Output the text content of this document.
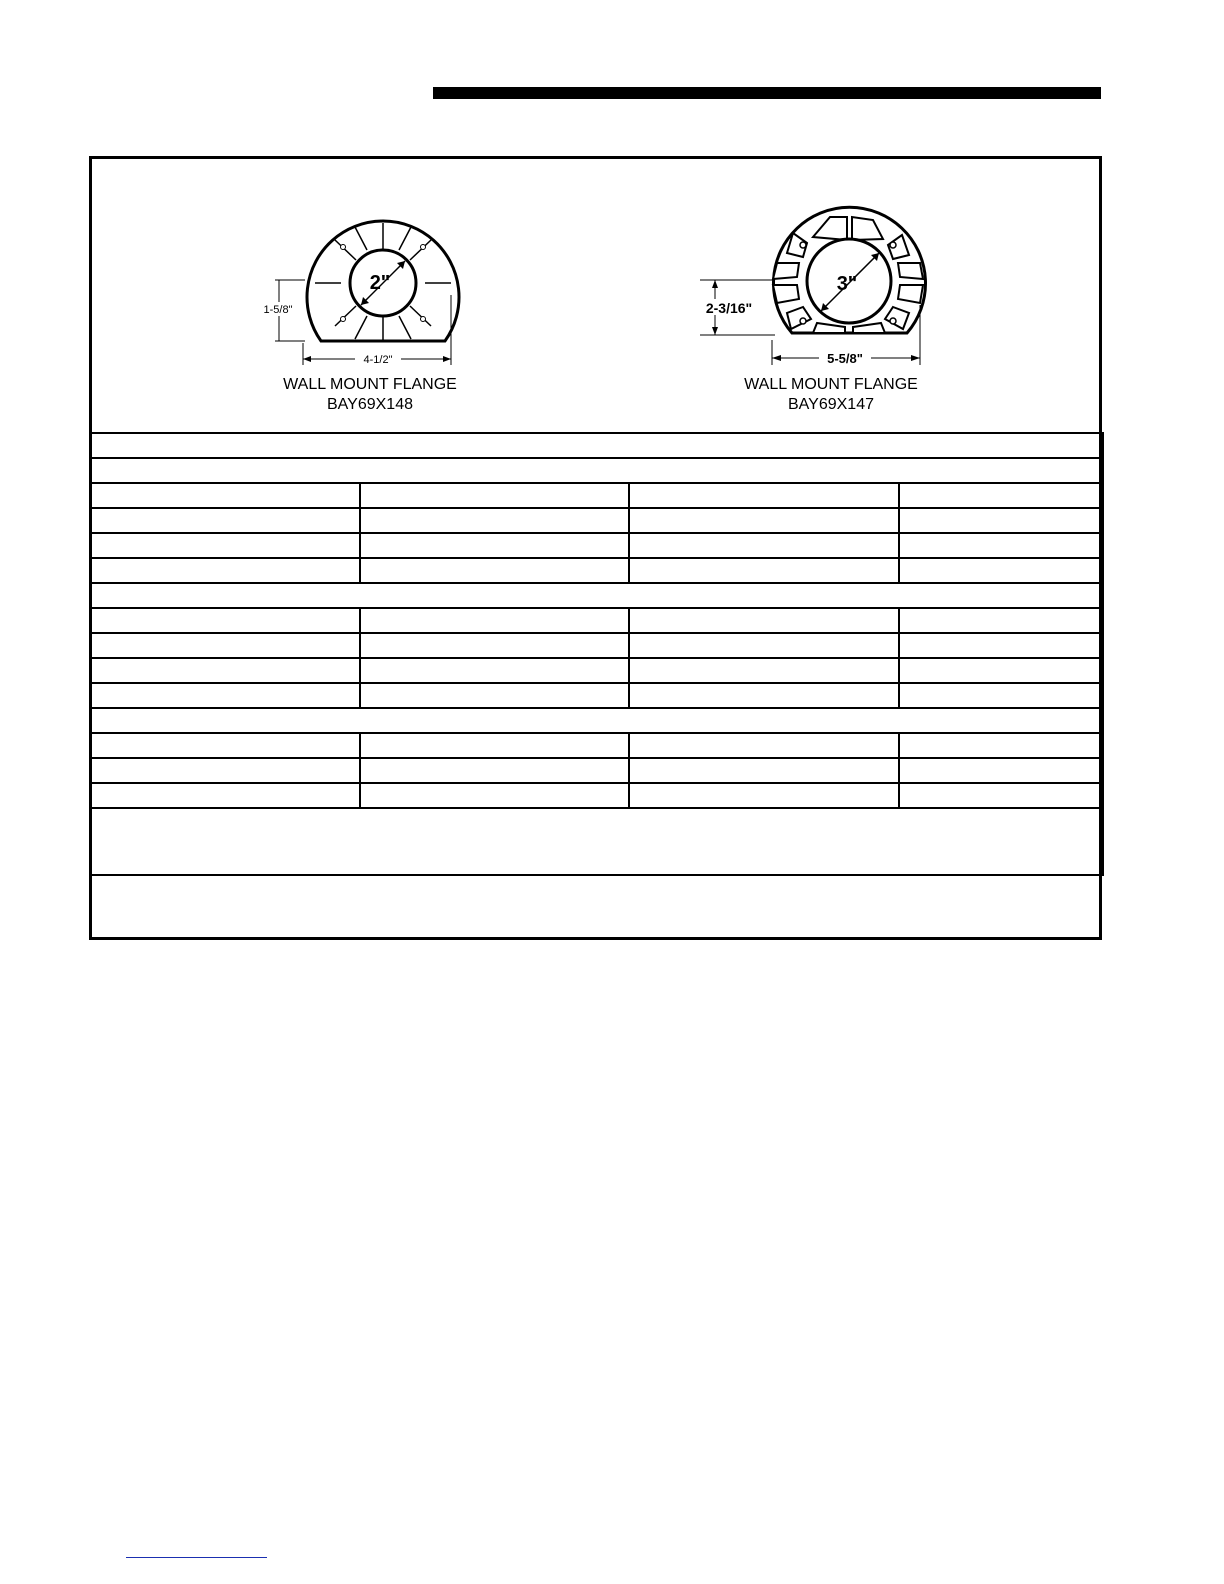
2"
1-5/8"
4-1/2"
WALL MOUNT FLANGE
BAY69X148
3"
2-3/16"
5-5/8"
WALL MOUNT FLANGE
BAY69X147
